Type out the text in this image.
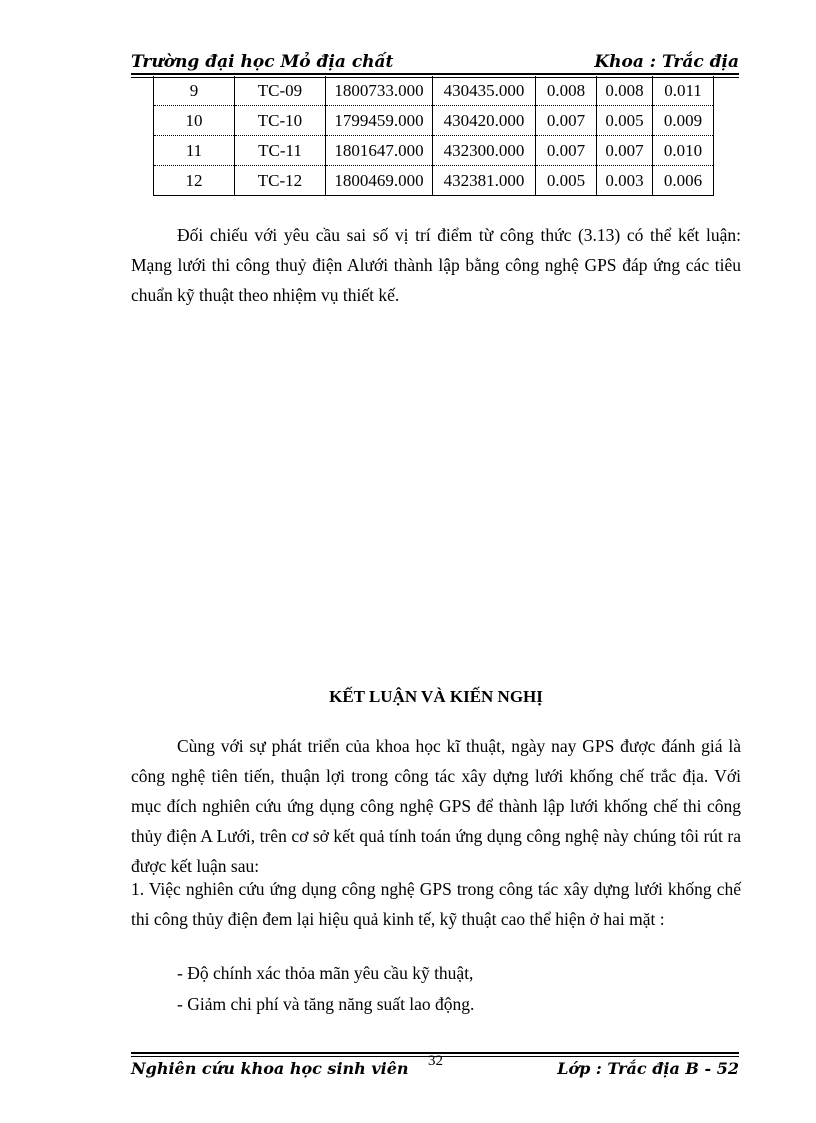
Trường đại học Mỏ địa chất	Khoa : Trắc địa
9	TC-09	1800733.000	430435.000	0.008	0.008	0.011
10	TC-10	1799459.000	430420.000	0.007	0.005	0.009
11	TC-11	1801647.000	432300.000	0.007	0.007	0.010
12	TC-12	1800469.000	432381.000	0.005	0.003	0.006
Đối chiếu với yêu cầu sai số vị trí điểm từ công thức (3.13) có thể kết luận: Mạng lưới thi công thuỷ điện Alưới thành lập bằng công nghệ GPS đáp ứng các tiêu chuẩn kỹ thuật theo nhiệm vụ thiết kế.
KẾT LUẬN VÀ KIẾN NGHỊ
Cùng với sự phát triển của khoa học kĩ thuật, ngày nay GPS được đánh giá là công nghệ tiên tiến, thuận lợi trong công tác xây dựng lưới khống chế trắc địa. Với mục đích nghiên cứu ứng dụng công nghệ GPS để thành lập lưới khống chế thi công thủy điện A Lưới, trên cơ sở kết quả tính toán ứng dụng công nghệ này chúng tôi rút ra được kết luận sau:
1. Việc nghiên cứu ứng dụng công nghệ GPS trong công tác xây dựng lưới khống chế thi công thủy điện đem lại hiệu quả kinh tế, kỹ thuật cao thể hiện ở hai mặt :
- Độ chính xác thỏa mãn yêu cầu kỹ thuật,
- Giảm chi phí và tăng năng suất lao động.
Nghiên cứu khoa học sinh viên	Lớp : Trắc địa B - 52
32
